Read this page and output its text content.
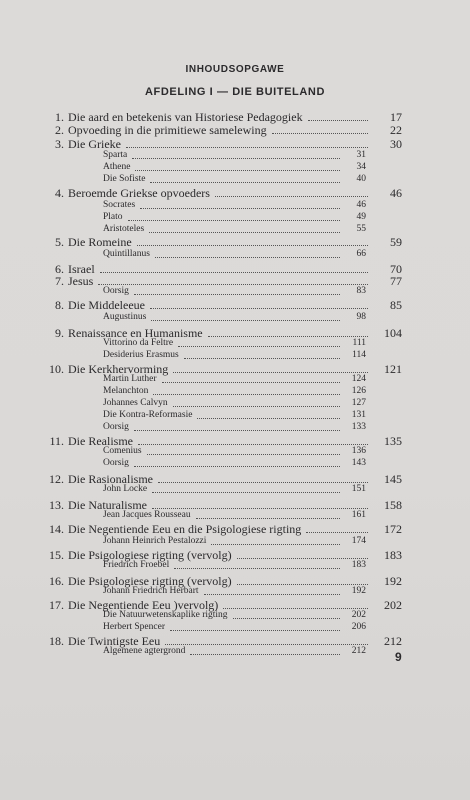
INHOUDSOPGAWE
AFDELING I — DIE BUITELAND
1. Die aard en betekenis van Historiese Pedagogiek	17
2. Opvoeding in die primitiewe samelewing	22
3. Die Grieke	30
Sparta	31
Athene	34
Die Sofiste	40
4. Beroemde Griekse opvoeders	46
Socrates	46
Plato	49
Aristoteles	55
5. Die Romeine	59
Quintillanus	66
6. Israel	70
7. Jesus	77
Oorsig	83
8. Die Middeleeue	85
Augustinus	98
9. Renaissance en Humanisme	104
Vittorino da Feltre	111
Desiderius Erasmus	114
10. Die Kerkhervorming	121
Martin Luther	124
Melanchton	126
Johannes Calvyn	127
Die Kontra-Reformasie	131
Oorsig	133
11. Die Realisme	135
Comenius	136
Oorsig	143
12. Die Rasionalisme	145
John Locke	151
13. Die Naturalisme	158
Jean Jacques Rousseau	161
14. Die Negentiende Eeu en die Psigologiese rigting	172
Johann Heinrich Pestalozzi	174
15. Die Psigologiese rigting (vervolg)	183
Friedrich Froebel	183
16. Die Psigologiese rigting (vervolg)	192
Johann Friedrich Herbart	192
17. Die Negentiende Eeu )vervolg)	202
Die Natuurwetenskaplike rigting	202
Herbert Spencer	206
18. Die Twintigste Eeu	212
Algemene agtergrond	212 9
